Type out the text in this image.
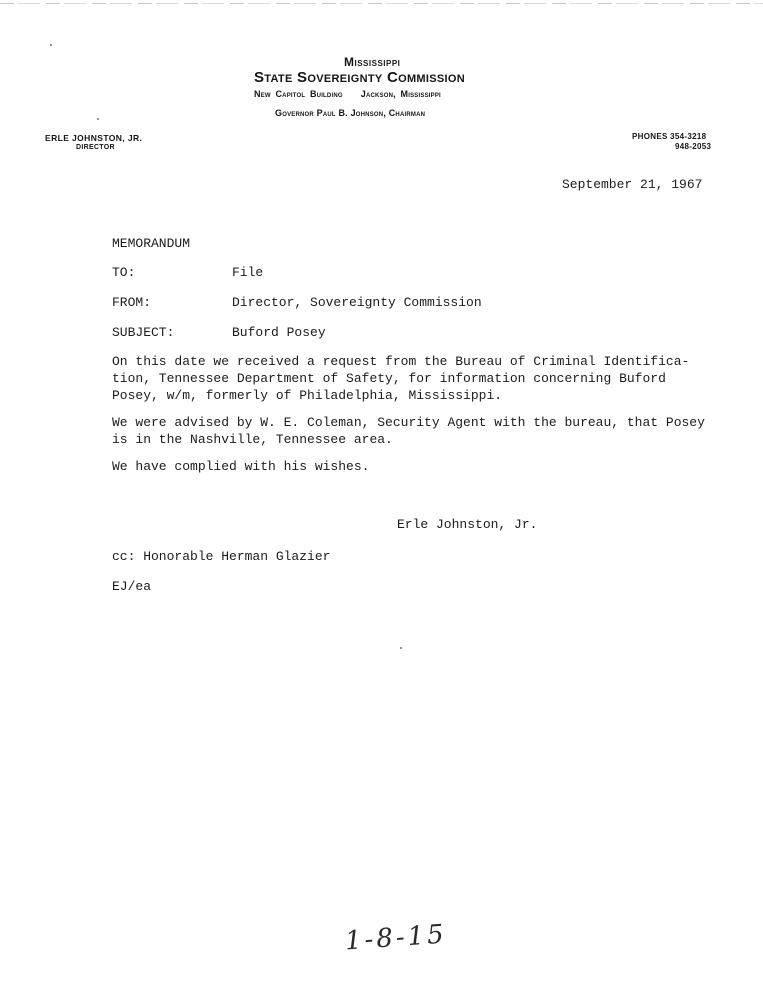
Mississippi
State Sovereignty Commission
New Capitol Building Jackson, Mississippi
Governor Paul B. Johnson, Chairman
ERLE JOHNSTON, JR.
DIRECTOR
PHONES 354-3218
948-2053
September 21, 1967
MEMORANDUM
TO:	File
FROM:	Director, Sovereignty Commission
SUBJECT:	Buford Posey
On this date we received a request from the Bureau of Criminal Identifica-
tion, Tennessee Department of Safety, for information concerning Buford
Posey, w/m, formerly of Philadelphia, Mississippi.
We were advised by W. E. Coleman, Security Agent with the bureau, that Posey
is in the Nashville, Tennessee area.
We have complied with his wishes.
Erle Johnston, Jr.
cc: Honorable Herman Glazier
EJ/ea
1-8-15
